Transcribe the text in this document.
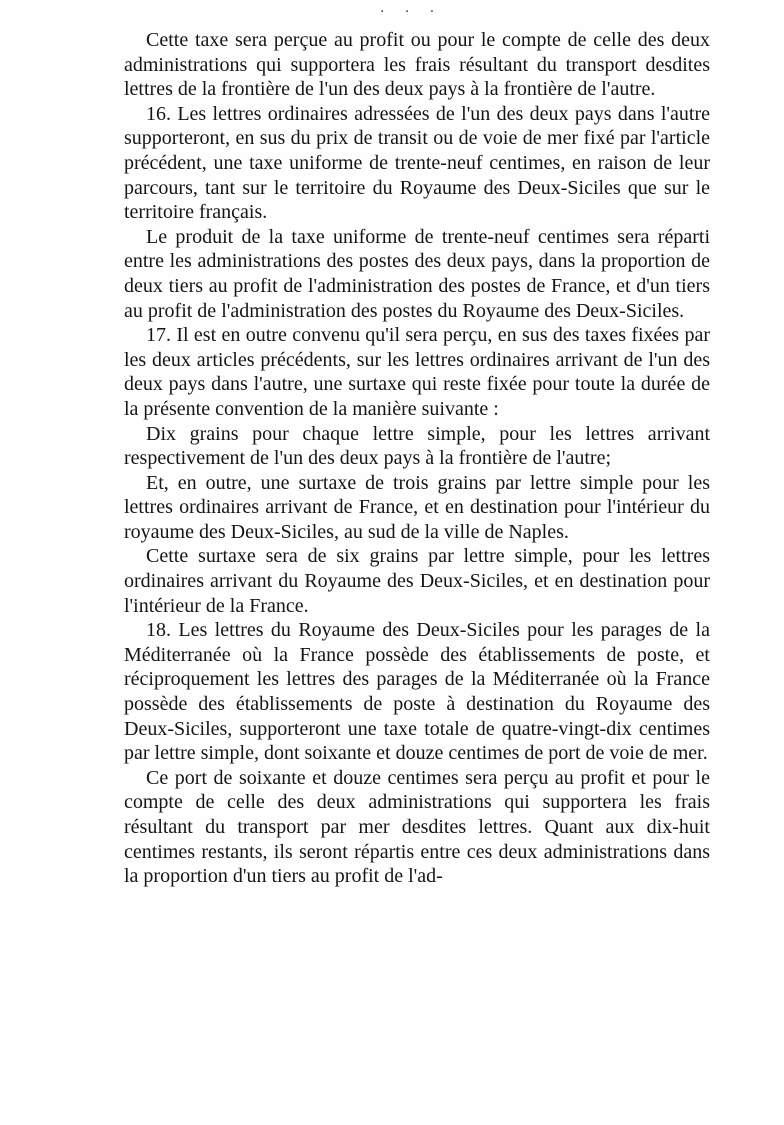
· · ·

Cette taxe sera perçue au profit ou pour le compte de celle des deux administrations qui supportera les frais résultant du transport desdites lettres de la frontière de l'un des deux pays à la frontière de l'autre.

16. Les lettres ordinaires adressées de l'un des deux pays dans l'autre supporteront, en sus du prix de transit ou de voie de mer fixé par l'article précédent, une taxe uniforme de trente-neuf centimes, en raison de leur parcours, tant sur le territoire du Royaume des Deux-Siciles que sur le territoire français.

Le produit de la taxe uniforme de trente-neuf centimes sera réparti entre les administrations des postes des deux pays, dans la proportion de deux tiers au profit de l'administration des postes de France, et d'un tiers au profit de l'administration des postes du Royaume des Deux-Siciles.

17. Il est en outre convenu qu'il sera perçu, en sus des taxes fixées par les deux articles précédents, sur les lettres ordinaires arrivant de l'un des deux pays dans l'autre, une surtaxe qui reste fixée pour toute la durée de la présente convention de la manière suivante :

Dix grains pour chaque lettre simple, pour les lettres arrivant respectivement de l'un des deux pays à la frontière de l'autre;

Et, en outre, une surtaxe de trois grains par lettre simple pour les lettres ordinaires arrivant de France, et en destination pour l'intérieur du royaume des Deux-Siciles, au sud de la ville de Naples.

Cette surtaxe sera de six grains par lettre simple, pour les lettres ordinaires arrivant du Royaume des Deux-Siciles, et en destination pour l'intérieur de la France.

18. Les lettres du Royaume des Deux-Siciles pour les parages de la Méditerranée où la France possède des établissements de poste, et réciproquement les lettres des parages de la Méditerranée où la France possède des établissements de poste à destination du Royaume des Deux-Siciles, supporteront une taxe totale de quatre-vingt-dix centimes par lettre simple, dont soixante et douze centimes de port de voie de mer.

Ce port de soixante et douze centimes sera perçu au profit et pour le compte de celle des deux administrations qui supportera les frais résultant du transport par mer desdites lettres. Quant aux dix-huit centimes restants, ils seront répartis entre ces deux administrations dans la proportion d'un tiers au profit de l'ad-
